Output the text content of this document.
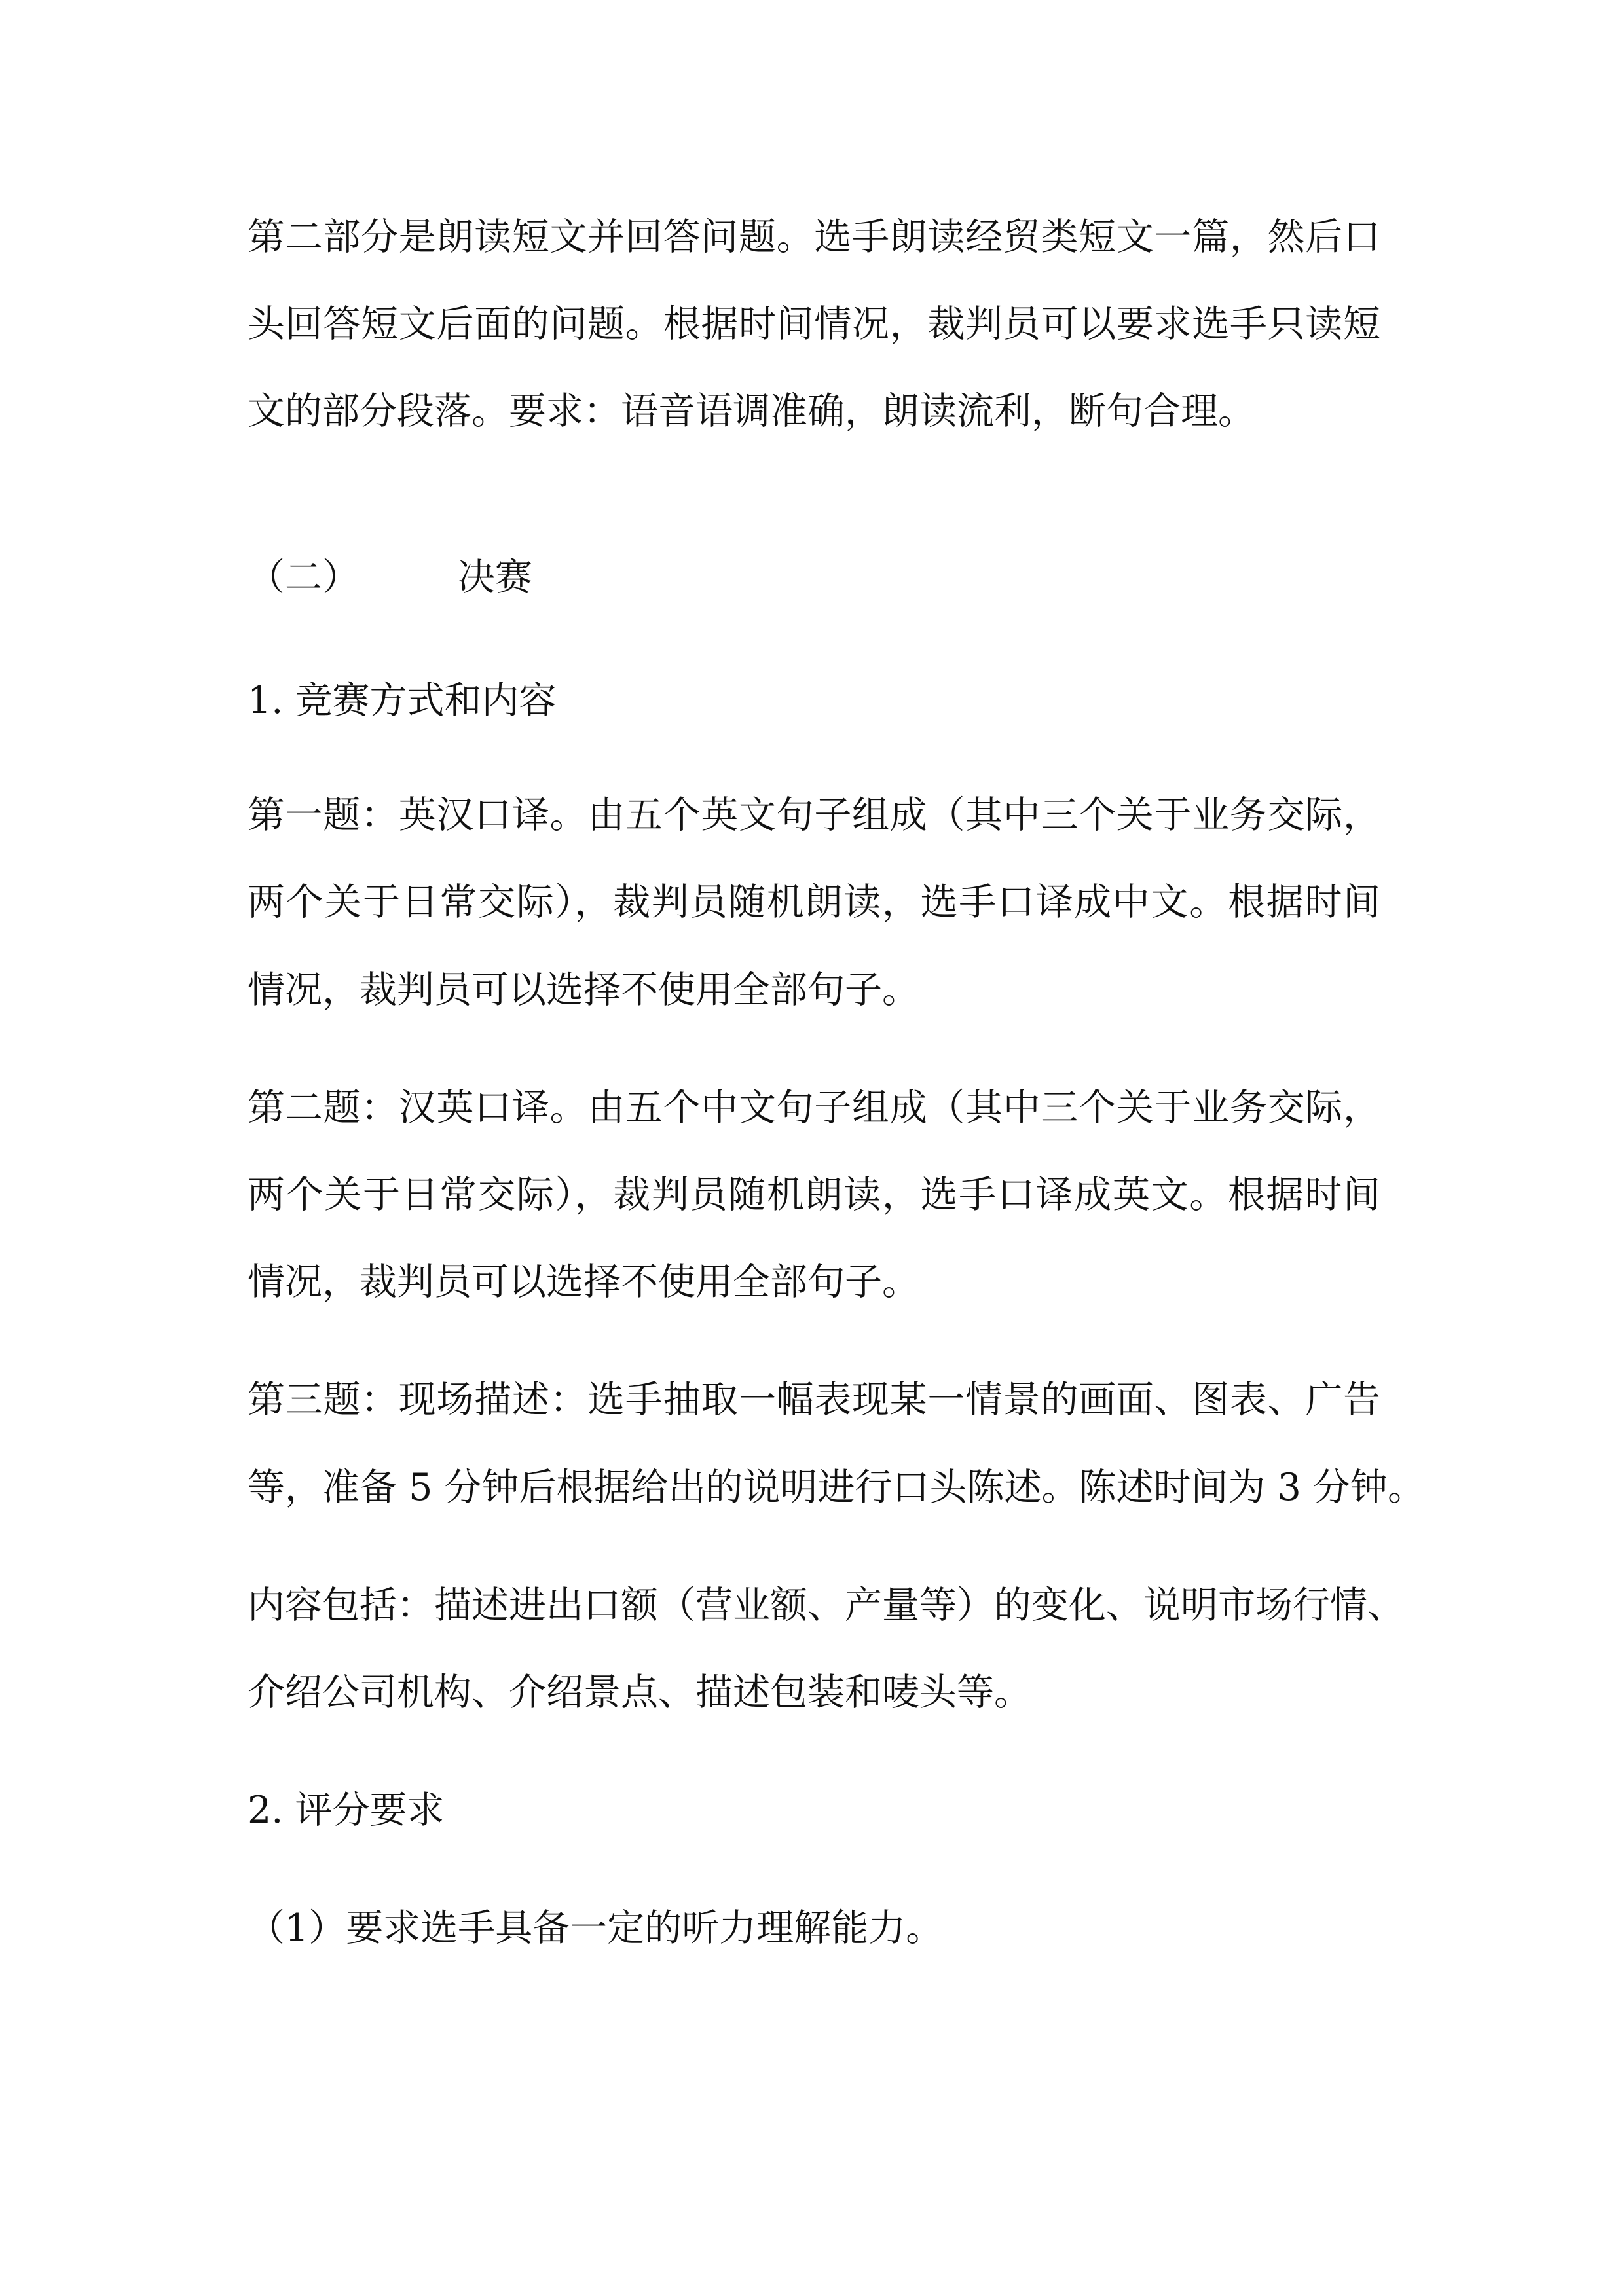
第二部分是朗读短文并回答问题。选手朗读经贸类短文一篇，然后口
头回答短文后面的问题。根据时间情况，裁判员可以要求选手只读短
文的部分段落。要求：语音语调准确，朗读流利，断句合理。
（二）	决赛
1. 竞赛方式和内容
第一题：英汉口译。由五个英文句子组成（其中三个关于业务交际，
两个关于日常交际），裁判员随机朗读，选手口译成中文。根据时间
情况，裁判员可以选择不使用全部句子。
第二题：汉英口译。由五个中文句子组成（其中三个关于业务交际，
两个关于日常交际），裁判员随机朗读，选手口译成英文。根据时间
情况，裁判员可以选择不使用全部句子。
第三题：现场描述：选手抽取一幅表现某一情景的画面、图表、广告
等，准备 5 分钟后根据给出的说明进行口头陈述。陈述时间为 3 分钟。
内容包括：描述进出口额（营业额、产量等）的变化、说明市场行情、
介绍公司机构、介绍景点、描述包装和唛头等。
2. 评分要求
（1）要求选手具备一定的听力理解能力。
